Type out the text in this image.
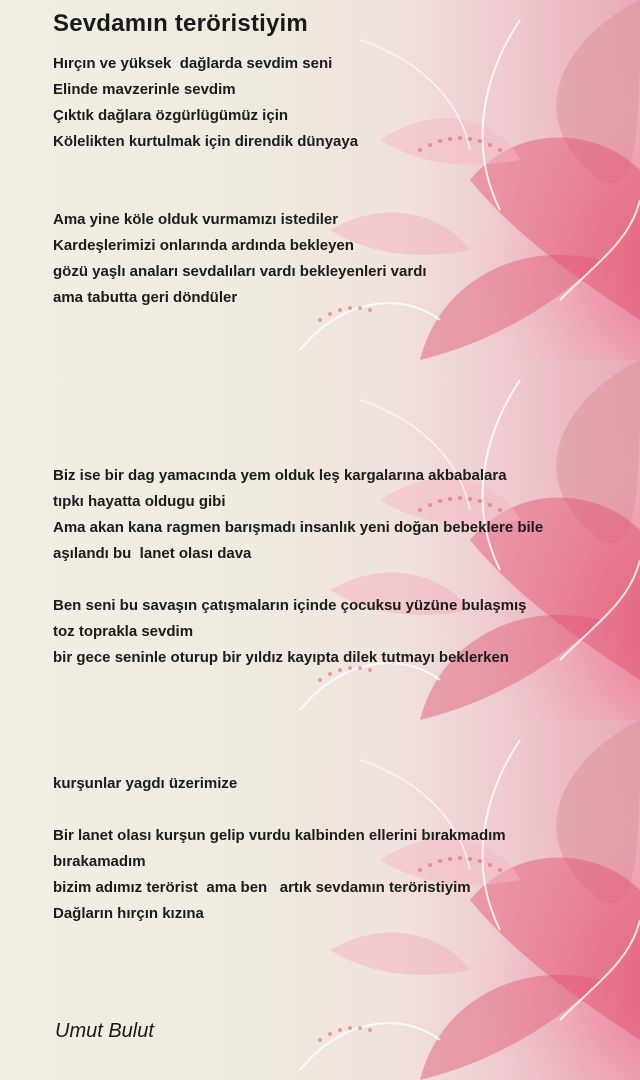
Sevdamın teröristiyim
Hırçın ve yüksek  dağlarda sevdim seni
Elinde mavzerinle sevdim
Çıktık dağlara özgürlügümüz için
Kölelikten kurtulmak için direndik dünyaya
Ama yine köle olduk vurmamızı istediler
Kardeşlerimizi onlarında ardında bekleyen
gözü yaşlı anaları sevdalıları vardı bekleyenleri vardı
ama tabutta geri döndüler
Biz ise bir dag yamacında yem olduk leş kargalarına akbabalara
tıpkı hayatta oldugu gibi
Ama akan kana ragmen barışmadı insanlık yeni doğan bebeklere bile
aşılandı bu  lanet olası dava
Ben seni bu savaşın çatışmaların içinde çocuksu yüzüne bulaşmış
toz toprakla sevdim
bir gece seninle oturup bir yıldız kayıpta dilek tutmayı beklerken
kurşunlar yagdı üzerimize
Bir lanet olası kurşun gelip vurdu kalbinden ellerini bırakmadım
bırakamadım
bizim adımız terörist  ama ben   artık sevdamın teröristiyim
Dağların hırçın kızına
Umut Bulut
